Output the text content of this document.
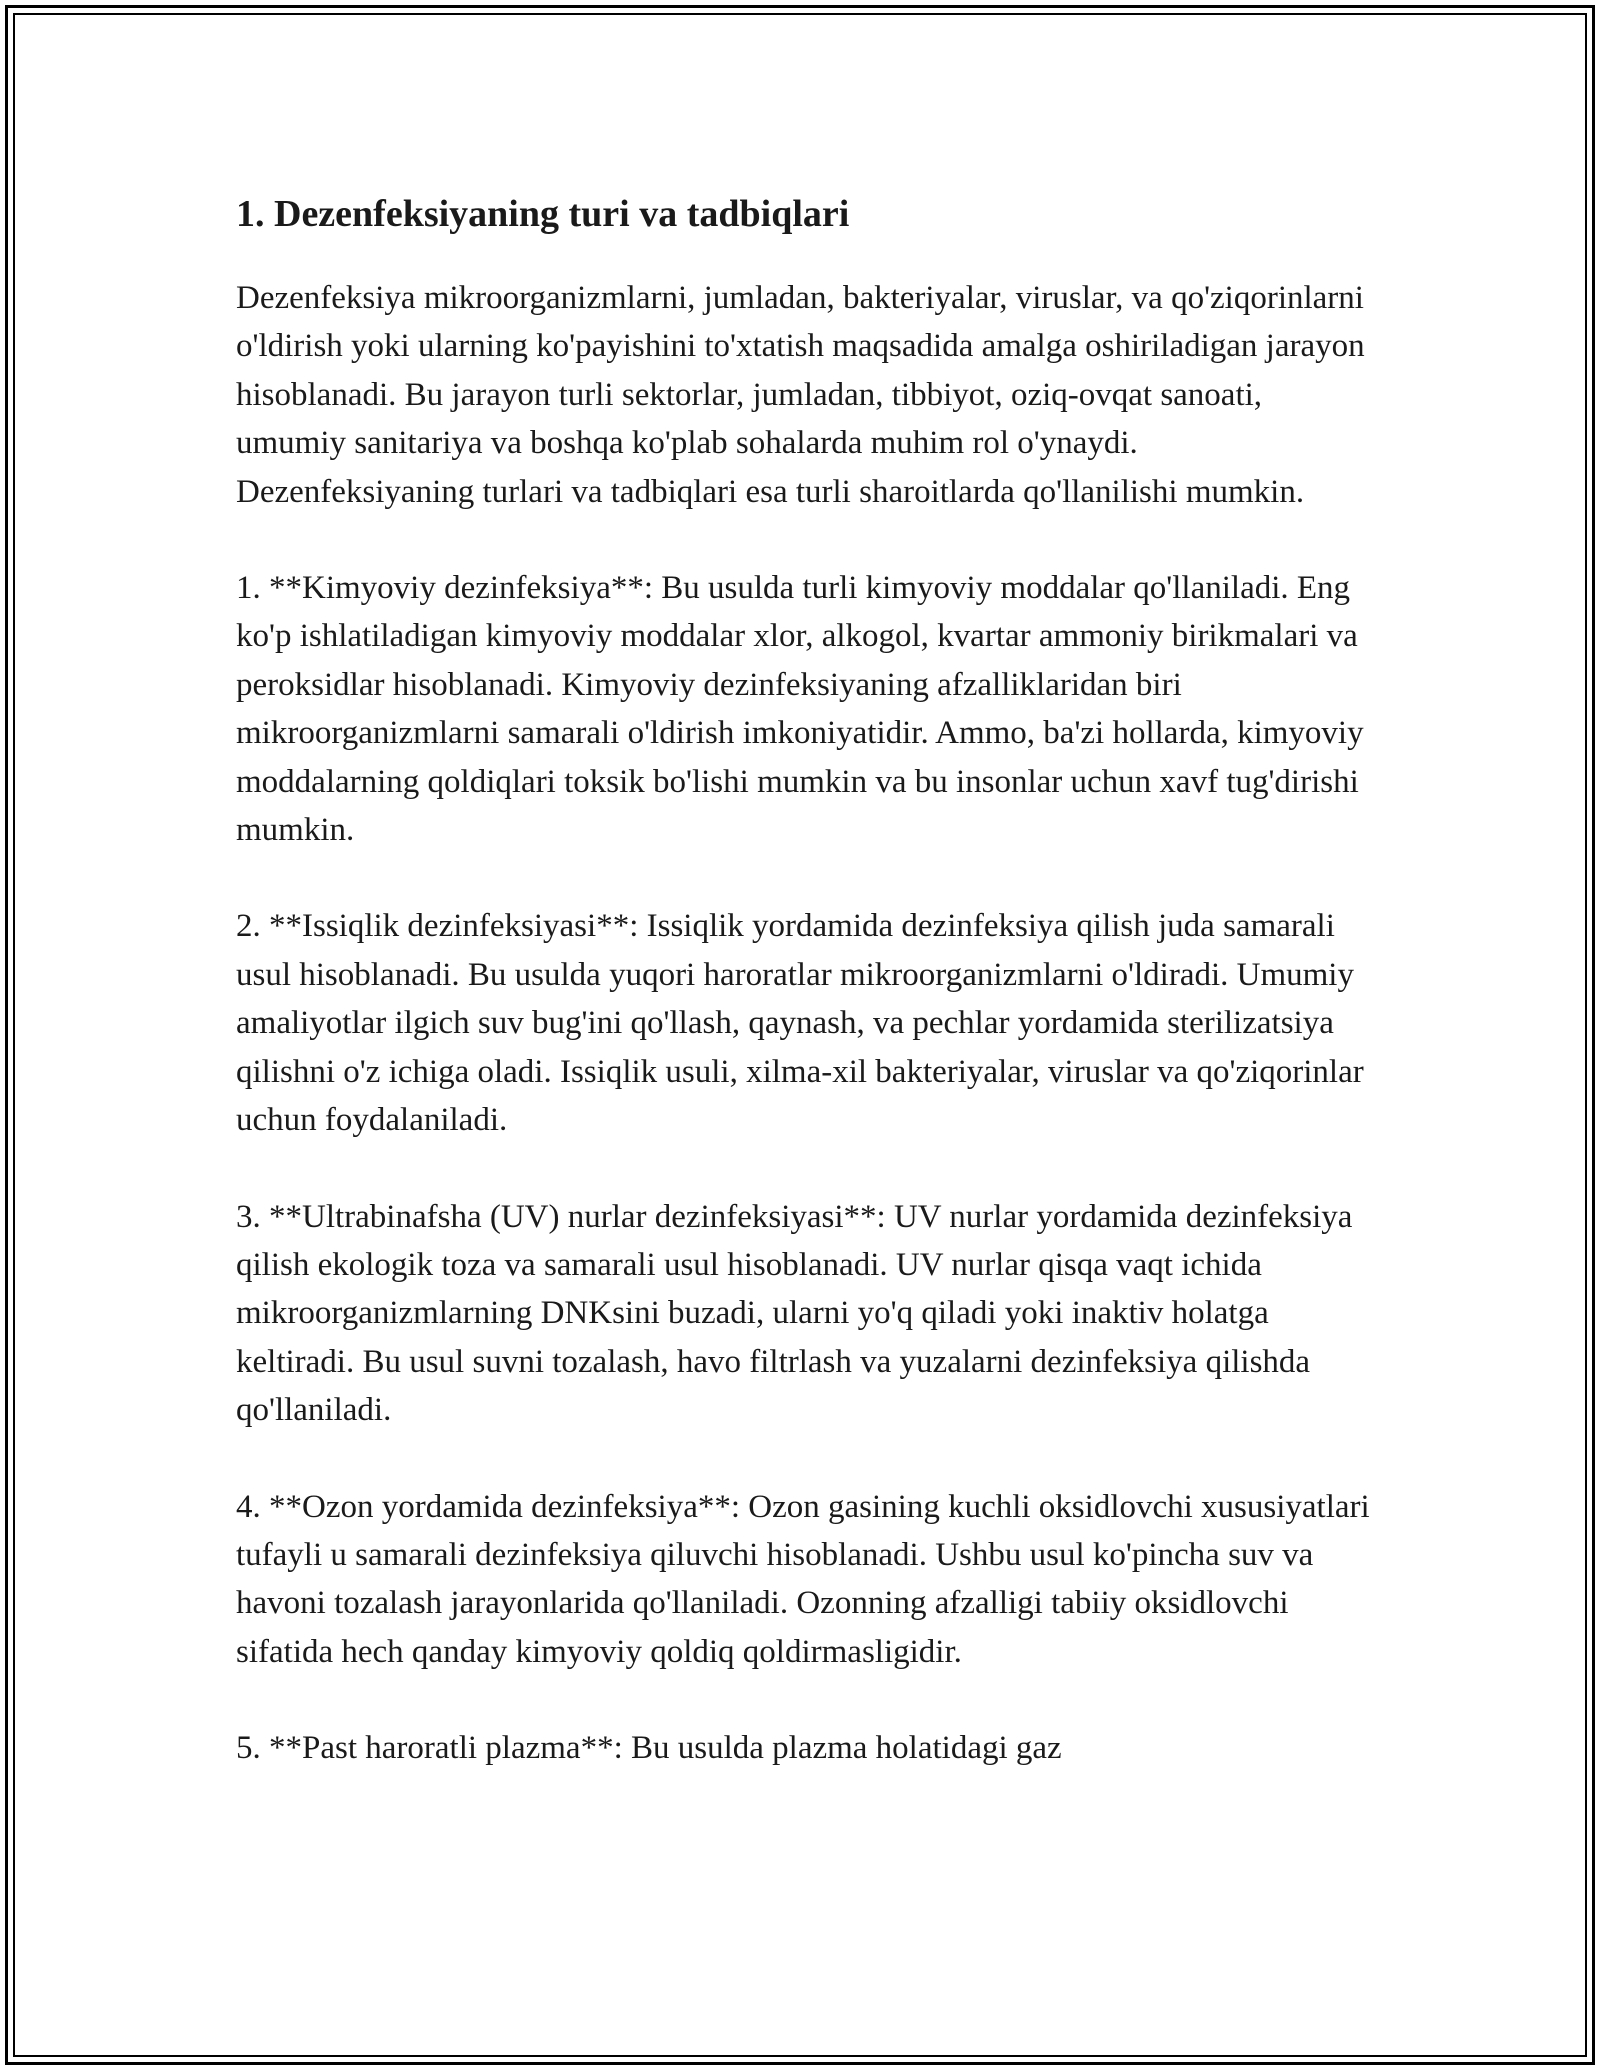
1. Dezenfeksiyaning turi va tadbiqlari

Dezenfeksiya mikroorganizmlarni, jumladan, bakteriyalar, viruslar, va qo'ziqorinlarni o'ldirish yoki ularning ko'payishini to'xtatish maqsadida amalga oshiriladigan jarayon hisoblanadi. Bu jarayon turli sektorlar, jumladan, tibbiyot, oziq-ovqat sanoati, umumiy sanitariya va boshqa ko'plab sohalarda muhim rol o'ynaydi. Dezenfeksiyaning turlari va tadbiqlari esa turli sharoitlarda qo'llanilishi mumkin.

1. **Kimyoviy dezinfeksiya**: Bu usulda turli kimyoviy moddalar qo'llaniladi. Eng ko'p ishlatiladigan kimyoviy moddalar xlor, alkogol, kvartar ammoniy birikmalari va peroksidlar hisoblanadi. Kimyoviy dezinfeksiyaning afzalliklaridan biri mikroorganizmlarni samarali o'ldirish imkoniyatidir. Ammo, ba'zi hollarda, kimyoviy moddalarning qoldiqlari toksik bo'lishi mumkin va bu insonlar uchun xavf tug'dirishi mumkin.

2. **Issiqlik dezinfeksiyasi**: Issiqlik yordamida dezinfeksiya qilish juda samarali usul hisoblanadi. Bu usulda yuqori haroratlar mikroorganizmlarni o'ldiradi. Umumiy amaliyotlar ilgich suv bug'ini qo'llash, qaynash, va pechlar yordamida sterilizatsiya qilishni o'z ichiga oladi. Issiqlik usuli, xilma-xil bakteriyalar, viruslar va qo'ziqorinlar uchun foydalaniladi.

3. **Ultrabinafsha (UV) nurlar dezinfeksiyasi**: UV nurlar yordamida dezinfeksiya qilish ekologik toza va samarali usul hisoblanadi. UV nurlar qisqa vaqt ichida mikroorganizmlarning DNKsini buzadi, ularni yo'q qiladi yoki inaktiv holatga keltiradi. Bu usul suvni tozalash, havo filtrlash va yuzalarni dezinfeksiya qilishda qo'llaniladi.

4. **Ozon yordamida dezinfeksiya**: Ozon gasining kuchli oksidlovchi xususiyatlari tufayli u samarali dezinfeksiya qiluvchi hisoblanadi. Ushbu usul ko'pincha suv va havoni tozalash jarayonlarida qo'llaniladi. Ozonning afzalligi tabiiy oksidlovchi sifatida hech qanday kimyoviy qoldiq qoldirmasligidir.

5. **Past haroratli plazma**: Bu usulda plazma holatidagi gaz
